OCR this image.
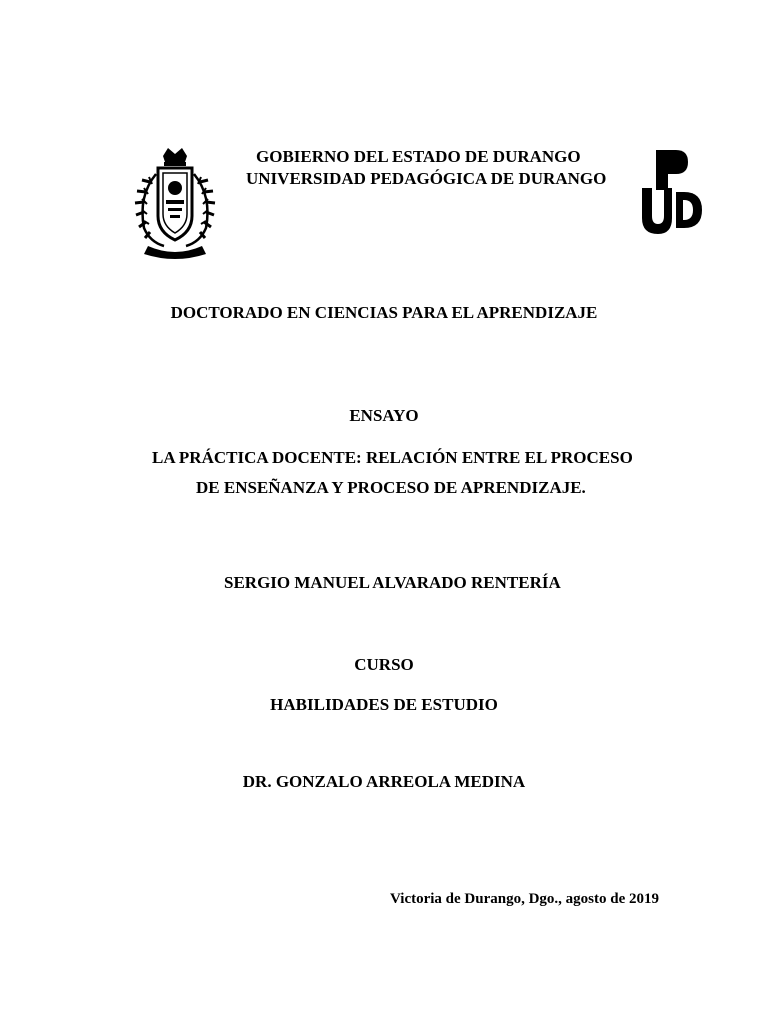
GOBIERNO DEL ESTADO DE DURANGO
UNIVERSIDAD PEDAGÓGICA DE DURANGO
DOCTORADO EN CIENCIAS PARA EL APRENDIZAJE
ENSAYO
LA PRÁCTICA DOCENTE: RELACIÓN ENTRE EL PROCESO
DE ENSEÑANZA Y PROCESO DE APRENDIZAJE.
SERGIO MANUEL ALVARADO RENTERÍA
CURSO
HABILIDADES DE ESTUDIO
DR. GONZALO ARREOLA MEDINA
Victoria de Durango, Dgo., agosto de 2019
